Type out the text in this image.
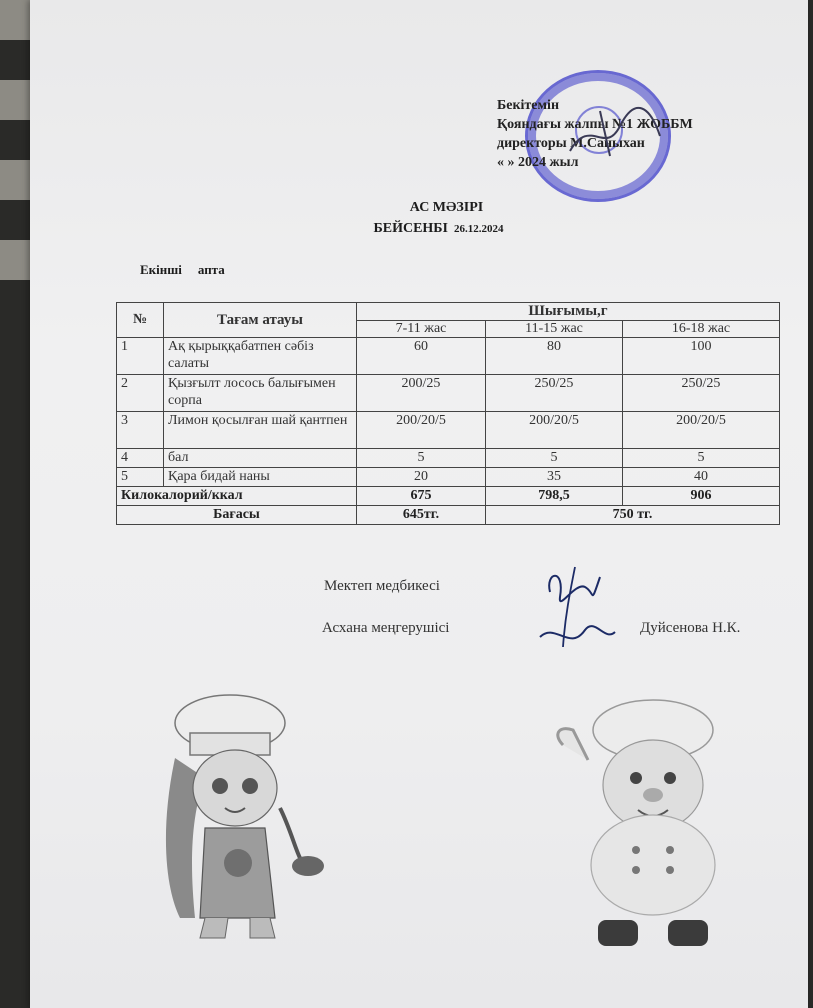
Бекітемін
Қояндағы жалпы №1 ЖОББМ
директоры М.Саныхан
« » 2024 жыл
АС МӘЗІРІ
БЕЙСЕНБІ 26.12.2024
Екінші апта
№	Тағам атауы	Шығымы,г		
		7-11 жас	11-15 жас	16-18 жас
1	Ақ қырыққабатпен сәбіз салаты	60	80	100
2	Қызғылт лосось балығымен сорпа	200/25	250/25	250/25
3	Лимон қосылған шай қантпен	200/20/5	200/20/5	200/20/5
4	бал	5	5	5
5	Қара бидай наны	20	35	40
Килокалорий/ккал		675	798,5	906
Бағасы		645тг.	750 тг.	
Мектеп медбикесі
Асхана меңгерушісі	Дуйсенова Н.К.
